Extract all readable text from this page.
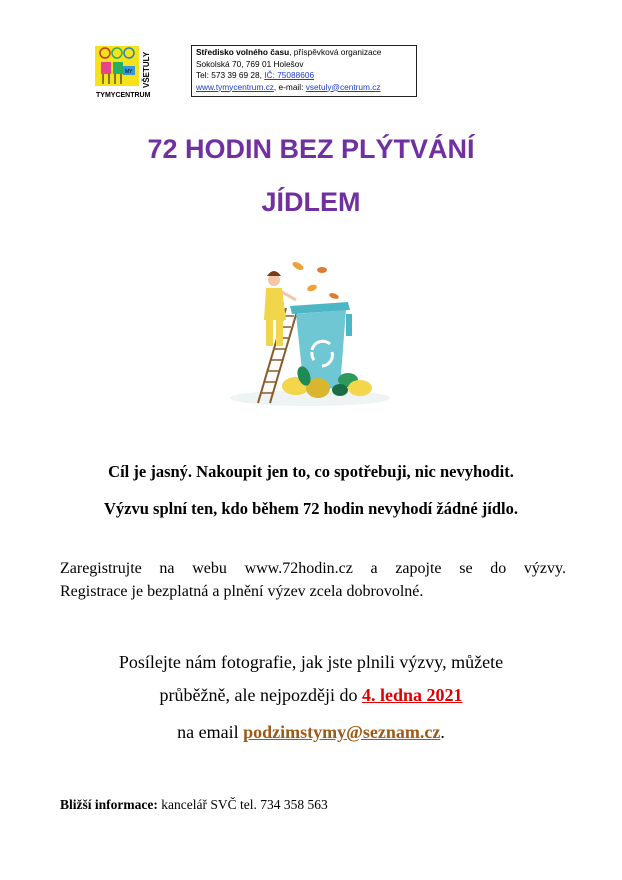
MY
TYMYCENTRUM
VŠETULY	Středisko volného času, příspěvková organizace
Sokolská 70, 769 01 Holešov
Tel: 573 39 69 28, IČ: 75088606
www.tymycentrum.cz, e-mail: vsetuly@centrum.cz
72 HODIN BEZ PLÝTVÁNÍ
JÍDLEM
Cíl je jasný. Nakoupit jen to, co spotřebuji, nic nevyhodit.
Výzvu splní ten, kdo během 72 hodin nevyhodí žádné jídlo.
Zaregistrujte na webu www.72hodin.cz a zapojte se do výzvy.
Registrace je bezplatná a plnění výzev zcela dobrovolné.
Posílejte nám fotografie, jak jste plnili výzvy, můžete
průběžně, ale nejpozději do 4. ledna 2021
na email podzimstymy@seznam.cz.
Bližší informace: kancelář SVČ tel. 734 358 563
